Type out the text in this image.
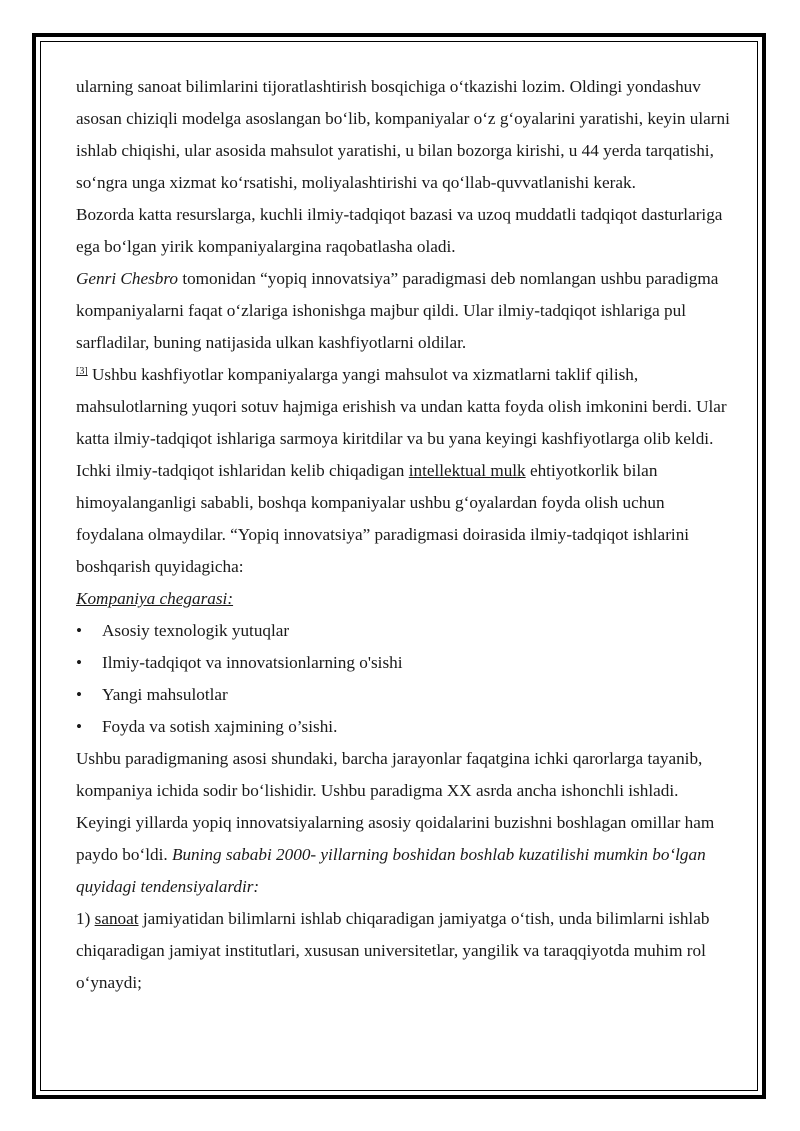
ularning sanoat bilimlarini tijoratlashtirish bosqichiga o‘tkazishi lozim. Oldingi yondashuv asosan chiziqli modelga asoslangan bo‘lib, kompaniyalar o‘z g‘oyalarini yaratishi, keyin ularni ishlab chiqishi, ular asosida mahsulot yaratishi, u bilan bozorga kirishi, u 44 yerda tarqatishi, so‘ngra unga xizmat ko‘rsatishi, moliyalashtirishi va qo‘llab-quvvatlanishi kerak.

Bozorda katta resurslarga, kuchli ilmiy-tadqiqot bazasi va uzoq muddatli tadqiqot dasturlariga ega bo‘lgan yirik kompaniyalargina raqobatlasha oladi.

Genri Chesbro tomonidan “yopiq innovatsiya” paradigmasi deb nomlangan ushbu paradigma kompaniyalarni faqat o‘zlariga ishonishga majbur qildi. Ular ilmiy-tadqiqot ishlariga pul sarfladilar, buning natijasida ulkan kashfiyotlarni oldilar.

[3] Ushbu kashfiyotlar kompaniyalarga yangi mahsulot va xizmatlarni taklif qilish, mahsulotlarning yuqori sotuv hajmiga erishish va undan katta foyda olish imkonini berdi. Ular katta ilmiy-tadqiqot ishlariga sarmoya kiritdilar va bu yana keyingi kashfiyotlarga olib keldi. Ichki ilmiy-tadqiqot ishlaridan kelib chiqadigan intellektual mulk ehtiyotkorlik bilan himoyalanganligi sababli, boshqa kompaniyalar ushbu g‘oyalardan foyda olish uchun foydalana olmaydilar. “Yopiq innovatsiya” paradigmasi doirasida ilmiy-tadqiqot ishlarini boshqarish quyidagicha:

Kompaniya chegarasi:

• Asosiy texnologik yutuqlar
• Ilmiy-tadqiqot va innovatsionlarning o'sishi
• Yangi mahsulotlar
• Foyda va sotish xajmining o’sishi.

Ushbu paradigmaning asosi shundaki, barcha jarayonlar faqatgina ichki qarorlarga tayanib, kompaniya ichida sodir bo‘lishidir. Ushbu paradigma XX asrda ancha ishonchli ishladi. Keyingi yillarda yopiq innovatsiyalarning asosiy qoidalarini buzishni boshlagan omillar ham paydo bo‘ldi. Buning sababi 2000- yillarning boshidan boshlab kuzatilishi mumkin bo‘lgan quyidagi tendensiyalardir:

1) sanoat jamiyatidan bilimlarni ishlab chiqaradigan jamiyatga o‘tish, unda bilimlarni ishlab chiqaradigan jamiyat institutlari, xususan universitetlar, yangilik va taraqqiyotda muhim rol o‘ynaydi;
